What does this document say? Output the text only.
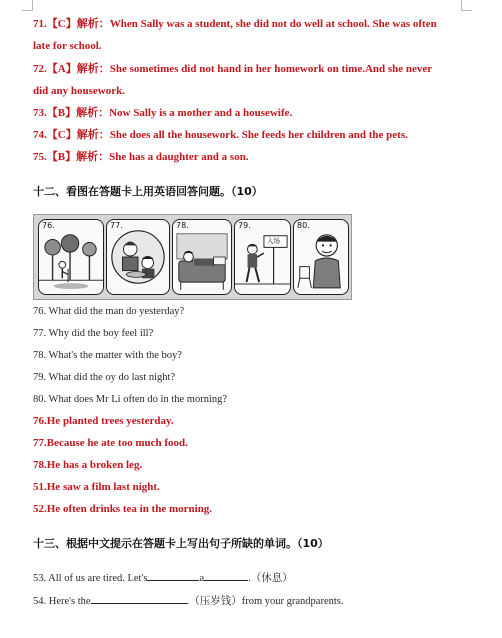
71.【C】解析：When Sally was a student, she did not do well at school. She was often
late for school.
72.【A】解析：She sometimes did not hand in her homework on time.And she never
did any housework.
73.【B】解析：Now Sally is a mother and a housewife.
74.【C】解析：She does all the housework. She feeds her children and the pets.
75.【B】解析：She has a daughter and a son.
十二、看图在答题卡上用英语回答问题。（10）
76.	77.	78.	79.
入场
80.
76. What did the man do yesterday?
77. Why did the boy feel ill?
78. What's the matter with the boy?
79. What did the oy do last night?
80. What does Mr Li often do in the morning?
76.He planted trees yesterday.
77.Because he ate too much food.
78.He has a broken leg.
51.He saw a film last night.
52.He often drinks tea in the morning.
十三、根据中文提示在答题卡上写出句子所缺的单词。（10）
53. All of us are tired. Let's	a	.（休息）
54. Here's the	.（压岁钱）from your grandparents.
